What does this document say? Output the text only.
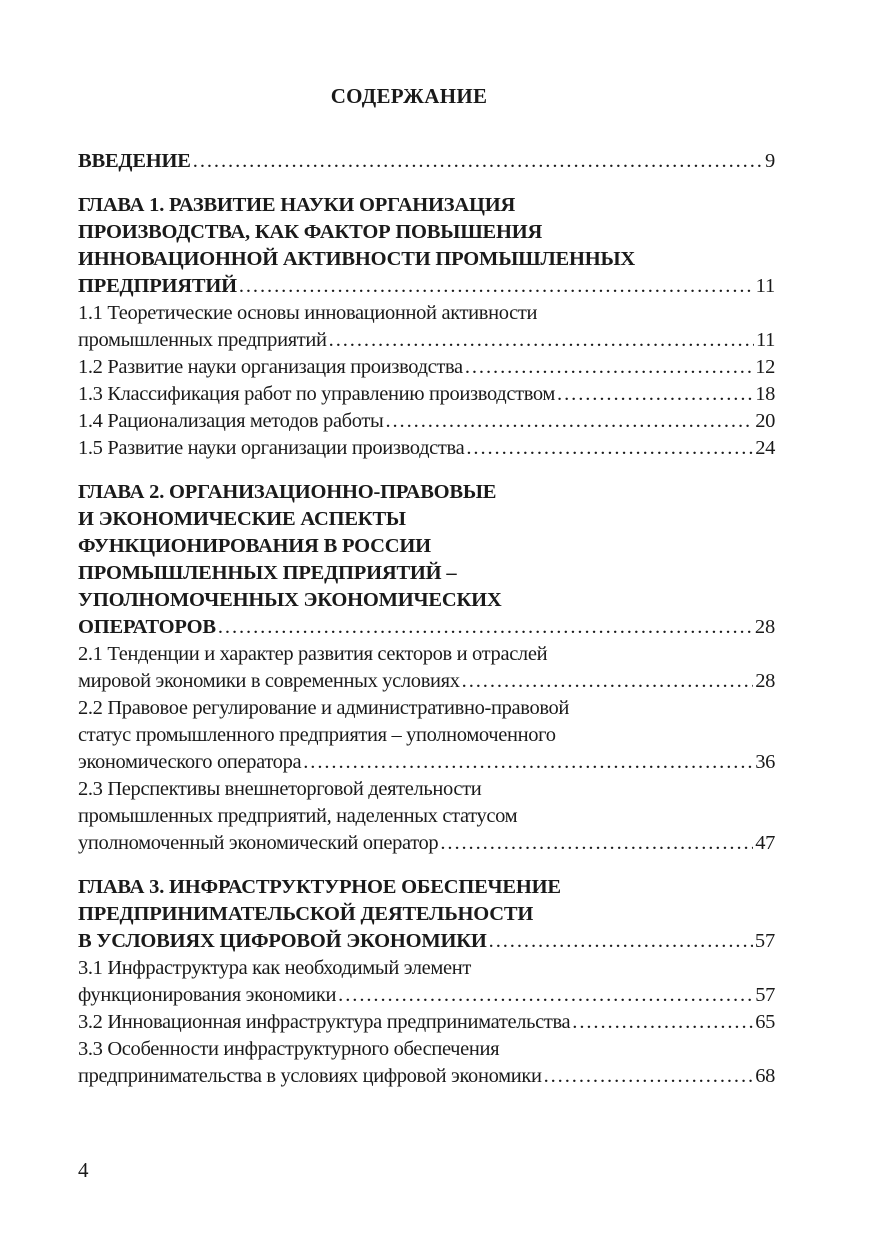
СОДЕРЖАНИЕ
ВВЕДЕНИЕ . . .	9
ГЛАВА 1. РАЗВИТИЕ НАУКИ ОРГАНИЗАЦИЯ
ПРОИЗВОДСТВА, КАК ФАКТОР ПОВЫШЕНИЯ
ИННОВАЦИОННОЙ АКТИВНОСТИ ПРОМЫШЛЕННЫХ
ПРЕДПРИЯТИЙ . . .	11
1.1 Теоретические основы инновационной активности
промышленных предприятий . . .	11
1.2 Развитие науки организация производства . . .	12
1.3 Классификация работ по управлению производством . . .	18
1.4 Рационализация методов работы . . .	20
1.5 Развитие науки организации производства . . .	24
ГЛАВА 2. ОРГАНИЗАЦИОННО-ПРАВОВЫЕ
И ЭКОНОМИЧЕСКИЕ АСПЕКТЫ
ФУНКЦИОНИРОВАНИЯ В РОССИИ
ПРОМЫШЛЕННЫХ ПРЕДПРИЯТИЙ –
УПОЛНОМОЧЕННЫХ ЭКОНОМИЧЕСКИХ
ОПЕРАТОРОВ . . .	28
2.1 Тенденции и характер развития секторов и отраслей
мировой экономики в современных условиях . . .	28
2.2 Правовое регулирование и административно-правовой
статус промышленного предприятия – уполномоченного
экономического оператора . . .	36
2.3 Перспективы внешнеторговой деятельности
промышленных предприятий, наделенных статусом
уполномоченный экономический оператор . . .	47
ГЛАВА 3. ИНФРАСТРУКТУРНОЕ ОБЕСПЕЧЕНИЕ
ПРЕДПРИНИМАТЕЛЬСКОЙ ДЕЯТЕЛЬНОСТИ
В УСЛОВИЯХ ЦИФРОВОЙ ЭКОНОМИКИ . . .	57
3.1 Инфраструктура как необходимый элемент
функционирования экономики . . .	57
3.2 Инновационная инфраструктура предпринимательства . . .	65
3.3 Особенности инфраструктурного обеспечения
предпринимательства в условиях цифровой экономики . . .	68
4
